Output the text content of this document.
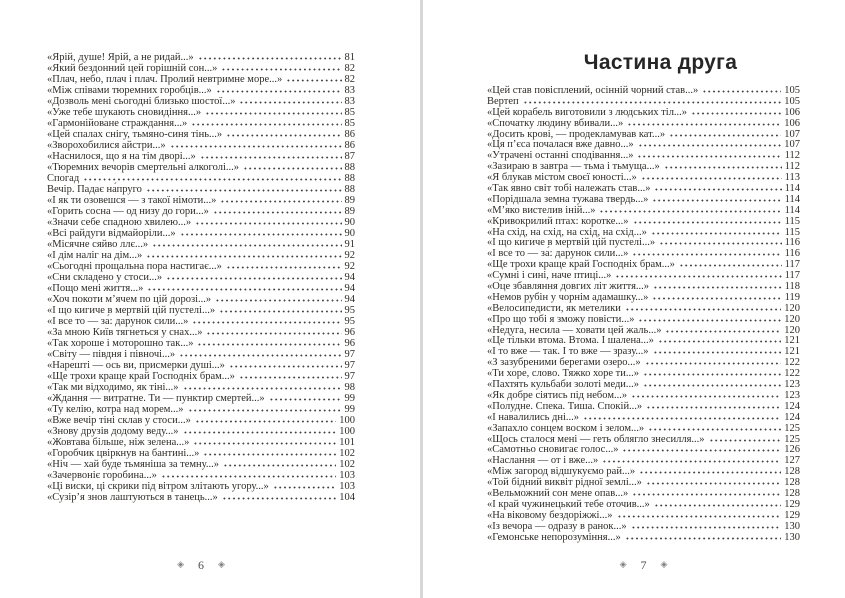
«Ярій, душе! Ярій, а не ридай...»	81
«Який бездонний цей горішній сон...»	82
«Плач, небо, плач і плач. Пролий невтримне море...»	82
«Між співами тюремних горобців...»	83
«Дозволь мені сьогодні близько шостої...»	83
«Уже тебе шукають сновидіння...»	85
«Гармонійоване страждання...»	85
«Цей спалах снігу, тьмяно-синя тінь...»	86
«Зворохобилися айстри...»	86
«Наснилося, що я на тім дворі...»	87
«Тюремних вечорів смертельні алкоголі...»	88
Спогад	88
Вечір. Падає на́пруго	88
«І як ти озовешся — з такої німоти...»	89
«Горить сосна — од низу до гори...»	89
«Значи себе спадною хвилею...»	90
«Всі райдуги відмайоріли...»	90
«Місячне сяйво ллє...»	91
«І дім наліг на дім...»	92
«Сьогодні прощальна пора настигає...»	92
«Сни складено у стоси...»	94
«Пощо мені життя...»	94
«Хоч покоти м’ячем по цій дорозі...»	94
«І що кигиче в мертвій цій пустелі...»	95
«І все то — за́: дарунок сили...»	95
«За мною Київ тягнеться у снах...»	96
«Так хороше і моторошно так...»	96
«Світу — півдня і півночі...»	97
«Нарешті — ось ви, присмерки душі...»	97
«Ще трохи краще край Господніх брам...»	97
«Так ми відходимо, як тіні...»	98
«Ждання — витратне. Ти — пунктир смертей...»	99
«Ту келію, котра над морем...»	99
«Вже вечір тіні склав у стоси...»	100
«Знову друзів додому веду...»	100
«Жовтава більше, ніж зелена...»	101
«Горобчик цвіркнув на бантині...»	102
«Ніч — хай буде тьмяніша за темну...»	102
«Зачервоніє горобина...»	103
«Ці виски, ці скрики під вітром злітають угору...»	103
«Сузір’я знов лаштуються в танець...»	104
Частина друга
«Цей став повісплений, осінній чорний став...»	105
Вертеп	105
«Цей корабель виготовили з людських тіл...»	106
«Спочатку людину вбивали...»	106
«Досить крові, — продекламував кат...»	107
«Ця п’єса почалася вже давно...»	107
«Утрачені останні сподівання...»	112
«Зазираю в завтра — тьма і тьмуща...»	112
«Я блукав містом своєї юності...»	113
«Так явно світ тобі належать став...»	114
«Порідшала земна тужава твердь...»	114
«М’яко вистелив іній...»	114
«Кривокрилий птах: коротке...»	115
«На схід, на схід, на схід, на схід...»	115
«І що кигиче в мертвій цій пустелі...»	116
«І все то — за́: дарунок сили...»	116
«Ще трохи краще край Господніх брам...»	117
«Сумні і сині, наче птиці...»	117
«Оце збавляння довгих літ життя...»	118
«Немов рубін у чорнім адамашку...»	119
«Велосипедисти, як метелики	120
«Про що тобі я зможу повісти...»	120
«Недуга, несила — ховати цей жаль...»	120
«Це тільки втома. Втома. І шалена...»	121
«І то вже — так. І то вже — зразу...»	121
«З зазубреними берегами озеро...»	122
«Ти хоре, слово. Тяжко хоре ти...»	122
«Пахтять кульбаби золоті меди...»	123
«Як добре сіятись під небом...»	123
«Полудне. Спека. Тиша. Спокій...»	124
«І навалились дні...»	124
«Запахло сонцем воском і зелом...»	125
«Щось сталося мені — геть облягло знесилля...»	125
«Самотньо сновигає голос...»	126
«Наслання — от і вже...»	127
«Між загород відшукуємо рай...»	128
«Той бідний виквіт рідної землі...»	128
«Вельможний сон мене опав...»	128
«І край чужинецький тебе оточив...»	129
«На віковому бездоріжжі...»	129
«Із вечора — одразу в ранок...»	130
«Гемонське непорозуміння...»	130
◈ 6 ◈	◈ 7 ◈
